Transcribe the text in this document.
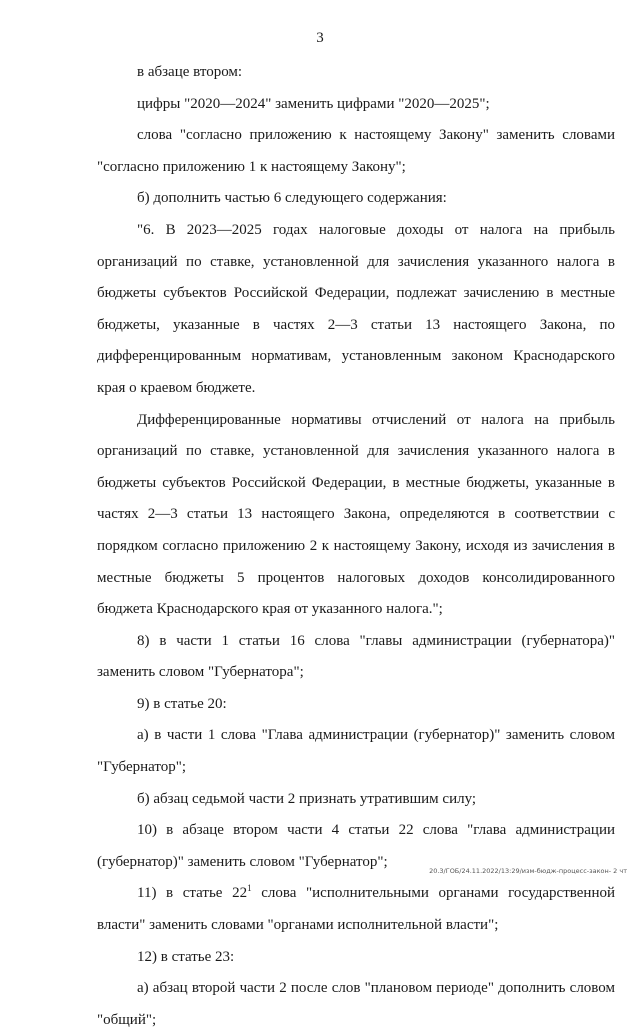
3

в абзаце втором:

цифры "2020—2024" заменить цифрами "2020—2025";

слова "согласно приложению к настоящему Закону" заменить словами "согласно приложению 1 к настоящему Закону";

б) дополнить частью 6 следующего содержания:

"6. В 2023—2025 годах налоговые доходы от налога на прибыль организаций по ставке, установленной для зачисления указанного налога в бюджеты субъектов Российской Федерации, подлежат зачислению в местные бюджеты, указанные в частях 2—3 статьи 13 настоящего Закона, по дифференцированным нормативам, установленным законом Краснодарского края о краевом бюджете.

Дифференцированные нормативы отчислений от налога на прибыль организаций по ставке, установленной для зачисления указанного налога в бюджеты субъектов Российской Федерации, в местные бюджеты, указанные в частях 2—3 статьи 13 настоящего Закона, определяются в соответствии с порядком согласно приложению 2 к настоящему Закону, исходя из зачисления в местные бюджеты 5 процентов налоговых доходов консолидированного бюджета Краснодарского края от указанного налога.";

8) в части 1 статьи 16 слова "главы администрации (губернатора)" заменить словом "Губернатора";

9) в статье 20:

а) в части 1 слова "Глава администрации (губернатор)" заменить словом "Губернатор";

б) абзац седьмой части 2 признать утратившим силу;

10) в абзаце втором части 4 статьи 22 слова "глава администрации (губернатор)" заменить словом "Губернатор";

11) в статье $22^1$ слова "исполнительными органами государственной власти" заменить словами "органами исполнительной власти";

12) в статье 23:

а) абзац второй части 2 после слов "плановом периоде" дополнить словом "общий";

20.3/ГОБ/24.11.2022/13:29/изм-бюдж-процесс-закон- 2 чт
